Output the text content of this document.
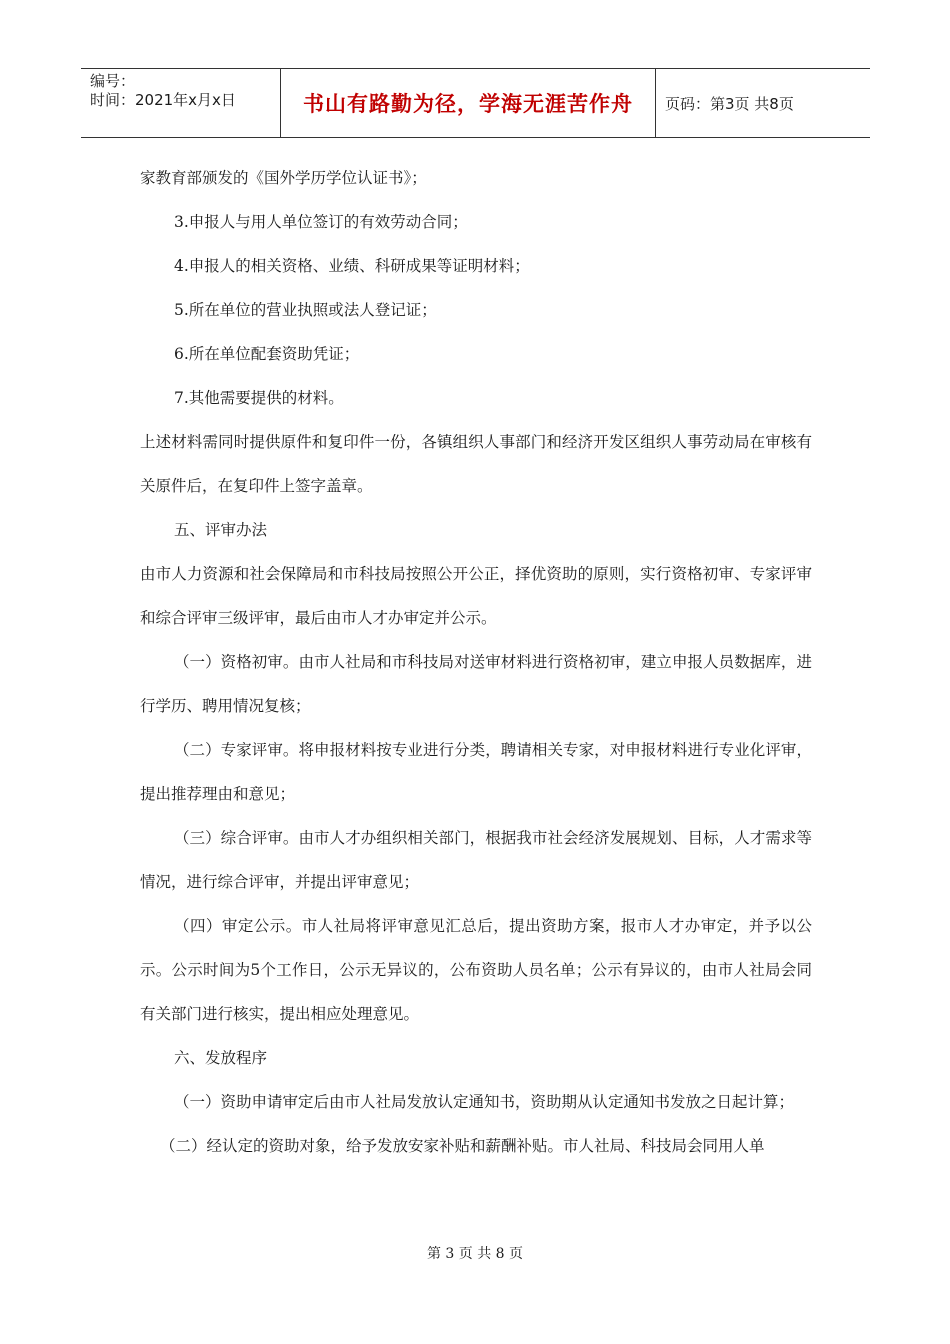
编号：
时间：2021年x月x日	书山有路勤为径，学海无涯苦作舟	页码：第3页 共8页

家教育部颁发的《国外学历学位认证书》；

3.申报人与用人单位签订的有效劳动合同；

4.申报人的相关资格、业绩、科研成果等证明材料；

5.所在单位的营业执照或法人登记证；

6.所在单位配套资助凭证；

7.其他需要提供的材料。

上述材料需同时提供原件和复印件一份，各镇组织人事部门和经济开发区组织人事劳动局在审核有关原件后，在复印件上签字盖章。

五、评审办法

由市人力资源和社会保障局和市科技局按照公开公正，择优资助的原则，实行资格初审、专家评审和综合评审三级评审，最后由市人才办审定并公示。

（一）资格初审。由市人社局和市科技局对送审材料进行资格初审，建立申报人员数据库，进行学历、聘用情况复核；

（二）专家评审。将申报材料按专业进行分类，聘请相关专家，对申报材料进行专业化评审，提出推荐理由和意见；

（三）综合评审。由市人才办组织相关部门，根据我市社会经济发展规划、目标，人才需求等情况，进行综合评审，并提出评审意见；

（四）审定公示。市人社局将评审意见汇总后，提出资助方案，报市人才办审定，并予以公示。公示时间为5个工作日，公示无异议的，公布资助人员名单；公示有异议的，由市人社局会同有关部门进行核实，提出相应处理意见。

六、发放程序

（一）资助申请审定后由市人社局发放认定通知书，资助期从认定通知书发放之日起计算；

（二）经认定的资助对象，给予发放安家补贴和薪酬补贴。市人社局、科技局会同用人单

第 3 页 共 8 页
